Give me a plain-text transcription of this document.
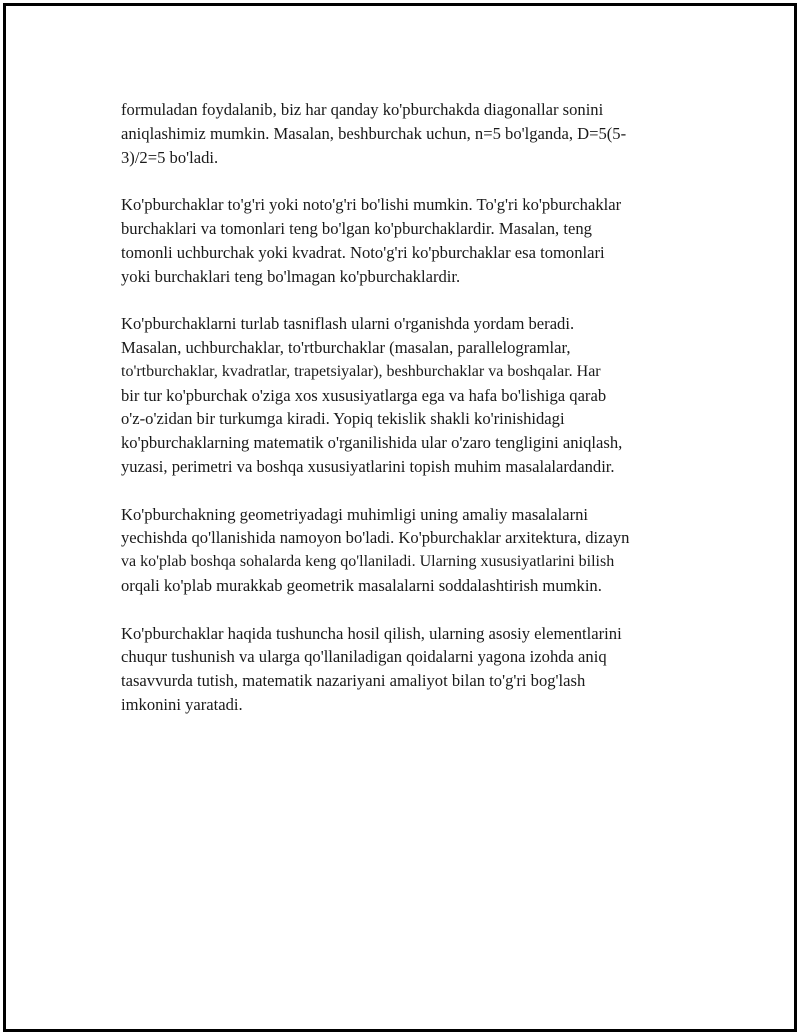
formuladan foydalanib, biz har qanday ko'pburchakda diagonallar sonini
aniqlashimiz mumkin. Masalan, beshburchak uchun, n=5 bo'lganda, D=5(5-
3)/2=5 bo'ladi.

Ko'pburchaklar to'g'ri yoki noto'g'ri bo'lishi mumkin. To'g'ri ko'pburchaklar
burchaklari va tomonlari teng bo'lgan ko'pburchaklardir. Masalan, teng
tomonli uchburchak yoki kvadrat. Noto'g'ri ko'pburchaklar esa tomonlari
yoki burchaklari teng bo'lmagan ko'pburchaklardir.

Ko'pburchaklarni turlab tasniflash ularni o'rganishda yordam beradi.
Masalan, uchburchaklar, to'rtburchaklar (masalan, parallelogramlar,
to'rtburchaklar, kvadratlar, trapetsiyalar), beshburchaklar va boshqalar. Har
bir tur ko'pburchak o'ziga xos xususiyatlarga ega va hafa bo'lishiga qarab
o'z-o'zidan bir turkumga kiradi. Yopiq tekislik shakli ko'rinishidagi
ko'pburchaklarning matematik o'rganilishida ular o'zaro tengligini aniqlash,
yuzasi, perimetri va boshqa xususiyatlarini topish muhim masalalardandir.

Ko'pburchakning geometriyadagi muhimligi uning amaliy masalalarni
yechishda qo'llanishida namoyon bo'ladi. Ko'pburchaklar arxitektura, dizayn
va ko'plab boshqa sohalarda keng qo'llaniladi. Ularning xususiyatlarini bilish
orqali ko'plab murakkab geometrik masalalarni soddalashtirish mumkin.

Ko'pburchaklar haqida tushuncha hosil qilish, ularning asosiy elementlarini
chuqur tushunish va ularga qo'llaniladigan qoidalarni yagona izohda aniq
tasavvurda tutish, matematik nazariyani amaliyot bilan to'g'ri bog'lash
imkonini yaratadi.
